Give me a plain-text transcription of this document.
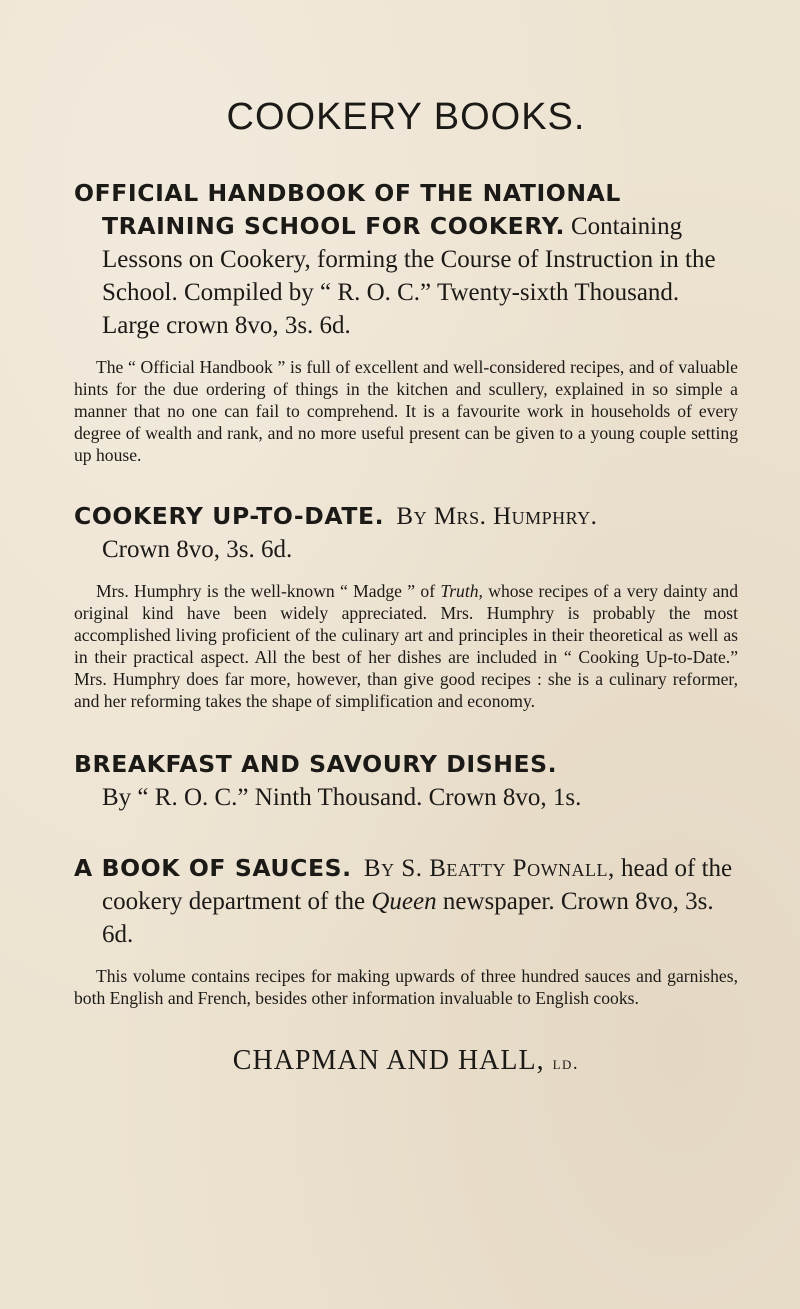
COOKERY BOOKS.

OFFICIAL HANDBOOK OF THE NATIONAL TRAINING SCHOOL FOR COOKERY. Containing Lessons on Cookery, forming the Course of Instruction in the School. Compiled by “ R. O. C.” Twenty-sixth Thousand. Large crown 8vo, 3s. 6d.

The “ Official Handbook ” is full of excellent and well-considered recipes, and of valuable hints for the due ordering of things in the kitchen and scullery, explained in so simple a manner that no one can fail to comprehend. It is a favourite work in households of every degree of wealth and rank, and no more useful present can be given to a young couple setting up house.

COOKERY UP-TO-DATE. By Mrs. Humphry.
Crown 8vo, 3s. 6d.

Mrs. Humphry is the well-known “ Madge ” of Truth, whose recipes of a very dainty and original kind have been widely appreciated. Mrs. Humphry is probably the most accomplished living proficient of the culinary art and principles in their theoretical as well as in their practical aspect. All the best of her dishes are included in “ Cooking Up-to-Date.” Mrs. Humphry does far more, however, than give good recipes : she is a culinary reformer, and her reforming takes the shape of simplification and economy.

BREAKFAST AND SAVOURY DISHES.
By “ R. O. C.” Ninth Thousand. Crown 8vo, 1s.

A BOOK OF SAUCES. By S. Beatty Pownall, head of the cookery department of the Queen newspaper. Crown 8vo, 3s. 6d.

This volume contains recipes for making upwards of three hundred sauces and garnishes, both English and French, besides other information invaluable to English cooks.

CHAPMAN AND HALL, ld.
